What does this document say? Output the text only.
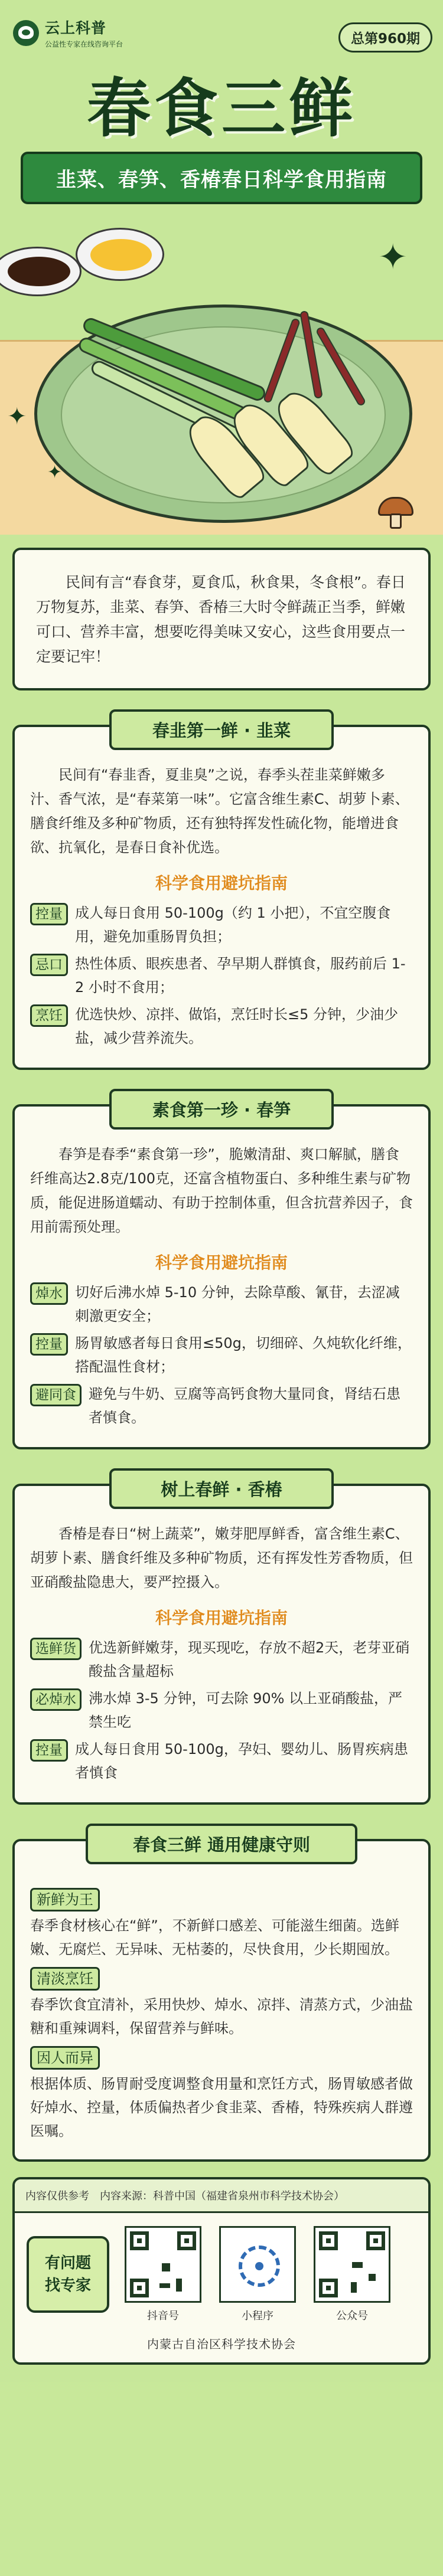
云上科普
公益性专家在线咨询平台	总第960期
春食三鲜
韭菜、春笋、香椿春日科学食用指南
✦
✦
✦
民间有言“春食芽，夏食瓜，秋食果，冬食根”。春日万物复苏，韭菜、春笋、香椿三大时令鲜蔬正当季，鲜嫩可口、营养丰富，想要吃得美味又安心，这些食用要点一定要记牢！
春韭第一鲜 · 韭菜

民间有“春韭香，夏韭臭”之说，春季头茬韭菜鲜嫩多汁、香气浓，是“春菜第一味”。它富含维生素C、胡萝卜素、膳食纤维及多种矿物质，还有独特挥发性硫化物，能增进食欲、抗氧化，是春日食补优选。

科学食用避坑指南
控量 成人每日食用 50-100g（约 1 小把），不宜空腹食用，避免加重肠胃负担；
忌口 热性体质、眼疾患者、孕早期人群慎食，服药前后 1-2 小时不食用；
烹饪 优选快炒、凉拌、做馅，烹饪时长≤5 分钟，少油少盐，减少营养流失。
素食第一珍 · 春笋

春笋是春季“素食第一珍”，脆嫩清甜、爽口解腻，膳食纤维高达2.8克/100克，还富含植物蛋白、多种维生素与矿物质，能促进肠道蠕动、有助于控制体重，但含抗营养因子，食用前需预处理。

科学食用避坑指南
焯水 切好后沸水焯 5-10 分钟，去除草酸、氰苷，去涩减刺激更安全；
控量 肠胃敏感者每日食用≤50g，切细碎、久炖软化纤维，搭配温性食材；
避同食 避免与牛奶、豆腐等高钙食物大量同食，肾结石患者慎食。
树上春鲜 · 香椿

香椿是春日“树上蔬菜”，嫩芽肥厚鲜香，富含维生素C、胡萝卜素、膳食纤维及多种矿物质，还有挥发性芳香物质，但亚硝酸盐隐患大，要严控摄入。

科学食用避坑指南
选鲜货 优选新鲜嫩芽，现买现吃，存放不超2天，老芽亚硝酸盐含量超标
必焯水 沸水焯 3-5 分钟，可去除 90% 以上亚硝酸盐，严禁生吃
控量 成人每日食用 50-100g，孕妇、婴幼儿、肠胃疾病患者慎食
春食三鲜 通用健康守则
新鲜为王

春季食材核心在“鲜”，不新鲜口感差、可能滋生细菌。选鲜嫩、无腐烂、无异味、无枯萎的，尽快食用，少长期囤放。

清淡烹饪

春季饮食宜清补，采用快炒、焯水、凉拌、清蒸方式，少油盐糖和重辣调料，保留营养与鲜味。

因人而异

根据体质、肠胃耐受度调整食用量和烹饪方式，肠胃敏感者做好焯水、控量，体质偏热者少食韭菜、香椿，特殊疾病人群遵医嘱。

内容仅供参考 内容来源：科普中国（福建省泉州市科学技术协会）
有问题
找专家
抖音号	小程序	公众号
内蒙古自治区科学技术协会
